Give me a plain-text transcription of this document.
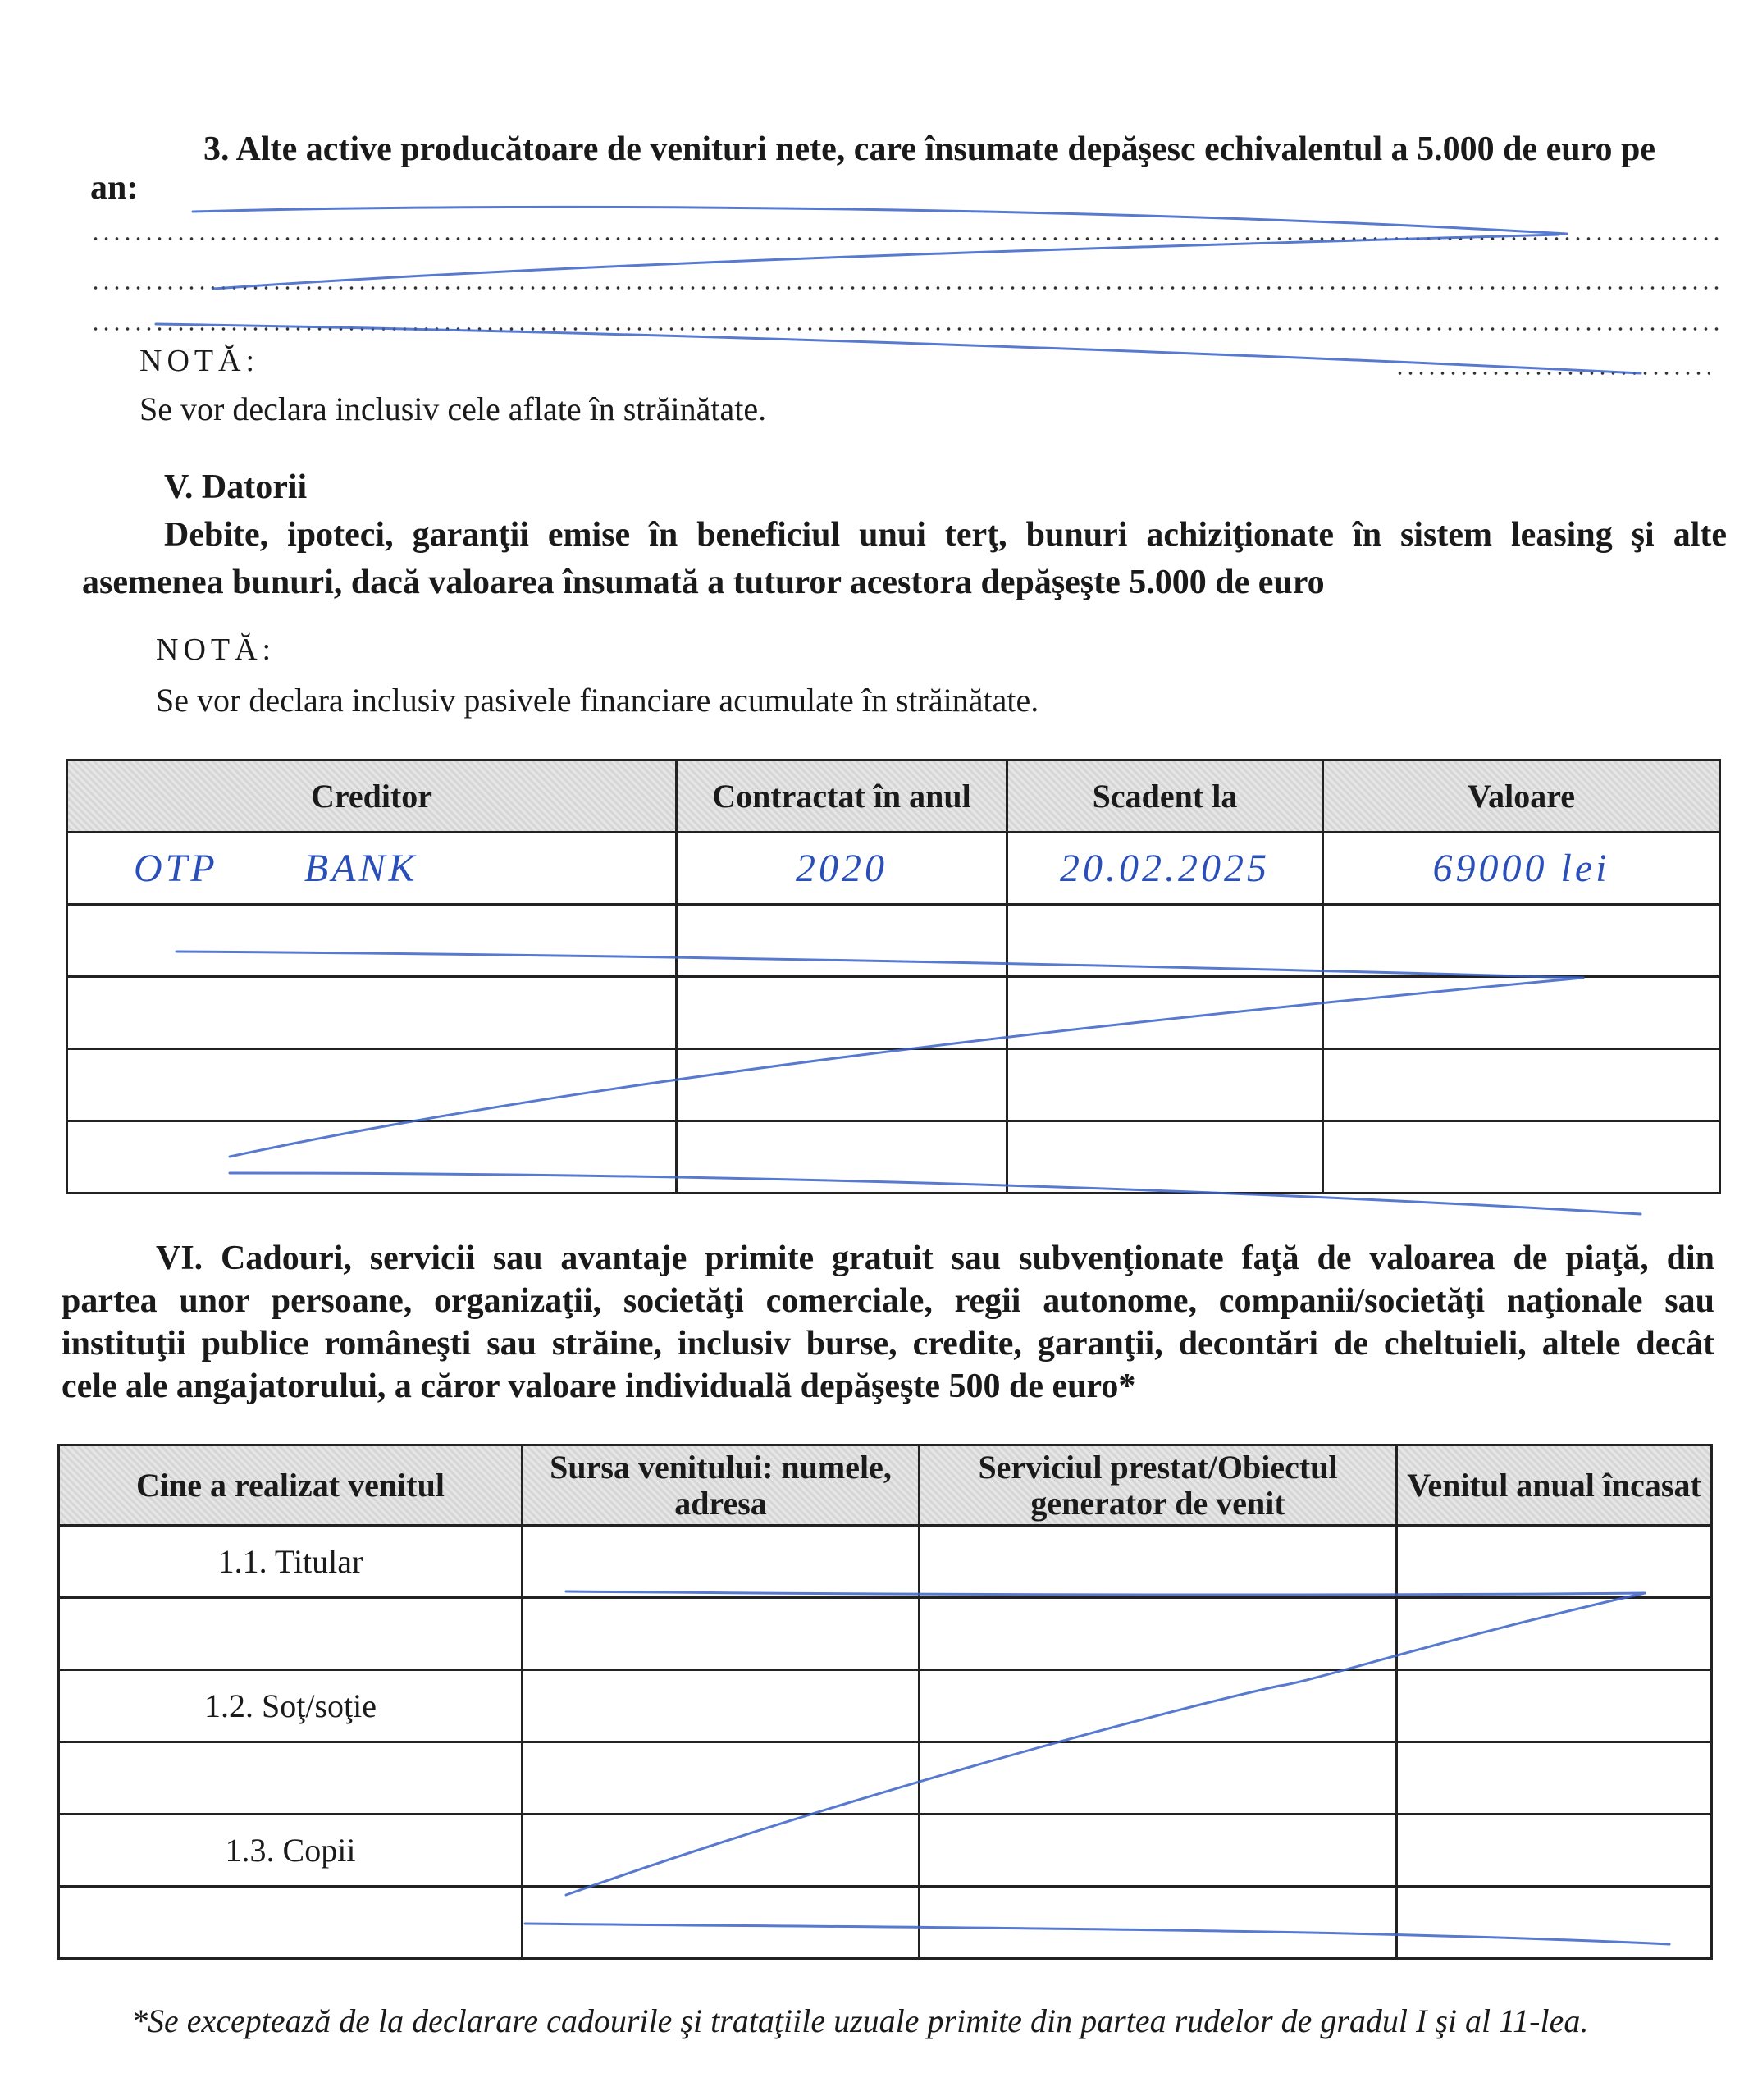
3. Alte active producătoare de venituri nete, care însumate depăşesc echivalentul a 5.000 de euro pe
an:
NOTĂ:
Se vor declara inclusiv cele aflate în străinătate.
V. Datorii
Debite, ipoteci, garanţii emise în beneficiul unui terţ, bunuri achiziţionate în sistem leasing şi alte
asemenea bunuri, dacă valoarea însumată a tuturor acestora depăşeşte 5.000 de euro
NOTĂ:
Se vor declara inclusiv pasivele financiare acumulate în străinătate.
Creditor	Contractat în anul	Scadent la	Valoare
OTP BANK	2020	20.02.2025	69000 lei

VI. Cadouri, servicii sau avantaje primite gratuit sau subvenţionate faţă de valoarea de piaţă, din
partea unor persoane, organizaţii, societăţi comerciale, regii autonome, companii/societăţi naţionale sau
instituţii publice româneşti sau străine, inclusiv burse, credite, garanţii, decontări de cheltuieli, altele decât
cele ale angajatorului, a căror valoare individuală depăşeşte 500 de euro*
Cine a realizat venitul	Sursa venitului: numele, adresa	Serviciul prestat/Obiectul generator de venit	Venitul anual încasat
1.1. Titular			

1.2. Soţ/soţie			

1.3. Copii			

*Se exceptează de la declarare cadourile şi trataţiile uzuale primite din partea rudelor de gradul I şi al 11-lea.
